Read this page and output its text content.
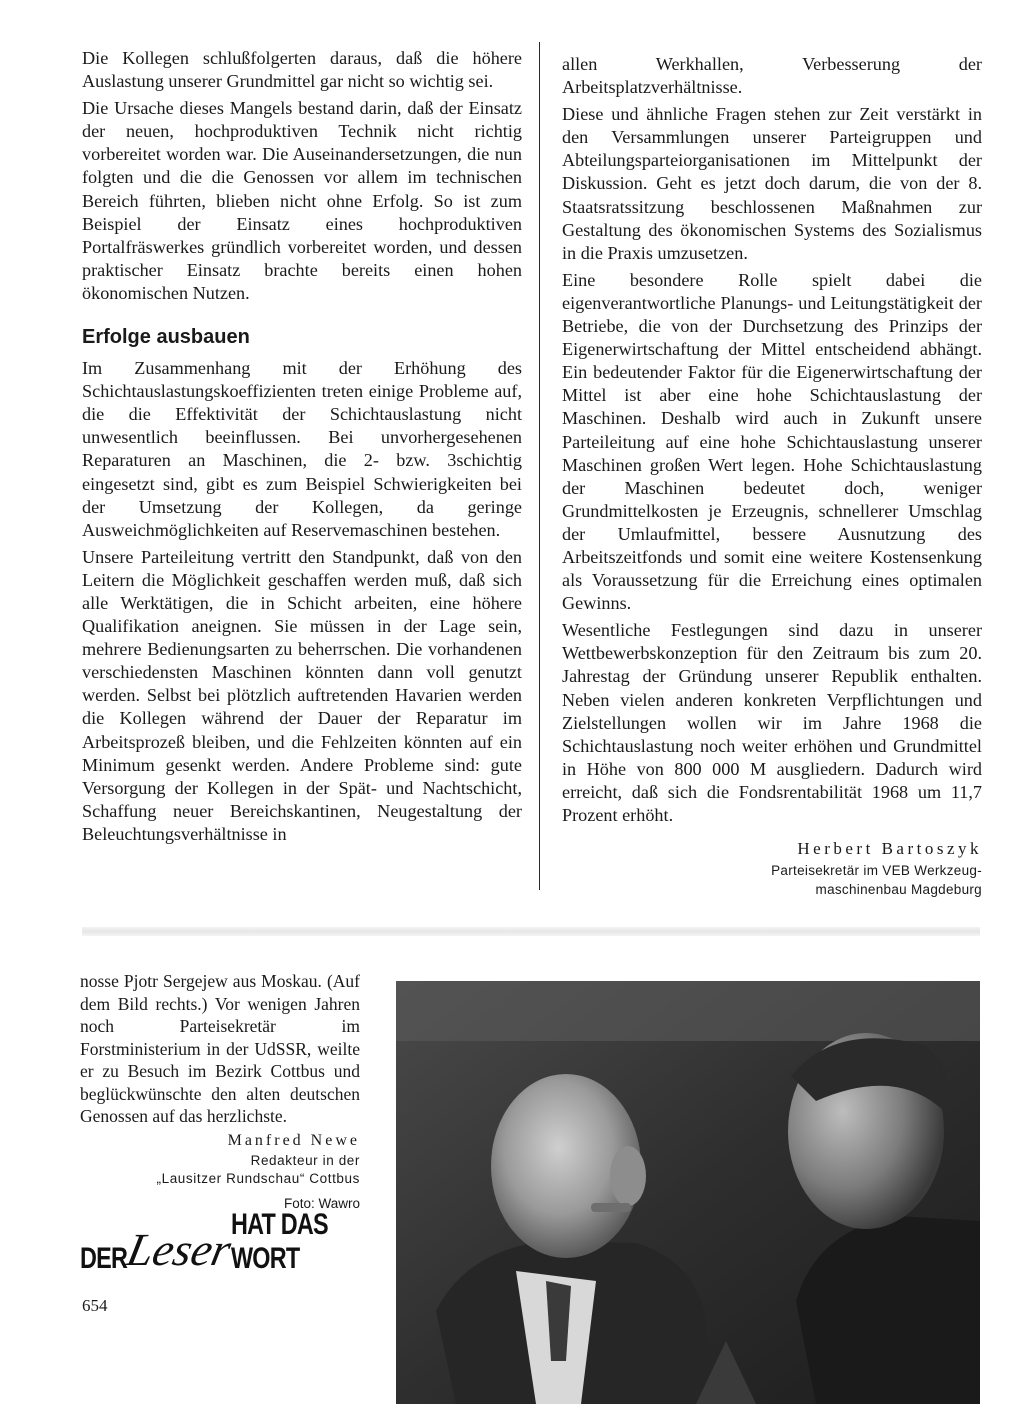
Die Kollegen schlußfolgerten daraus, daß die höhere Auslastung unserer Grundmittel gar nicht so wichtig sei.

Die Ursache dieses Mangels bestand darin, daß der Einsatz der neuen, hochproduktiven Technik nicht richtig vorbereitet worden war. Die Auseinandersetzungen, die nun folgten und die die Genossen vor allem im technischen Bereich führten, blieben nicht ohne Erfolg. So ist zum Beispiel der Einsatz eines hochproduktiven Portalfräswerkes gründlich vorbereitet worden, und dessen praktischer Einsatz brachte bereits einen hohen ökonomischen Nutzen.

Erfolge ausbauen

Im Zusammenhang mit der Erhöhung des Schichtauslastungskoeffizienten treten einige Probleme auf, die die Effektivität der Schichtauslastung nicht unwesentlich beeinflussen. Bei unvorhergesehenen Reparaturen an Maschinen, die 2- bzw. 3schichtig eingesetzt sind, gibt es zum Beispiel Schwierigkeiten bei der Umsetzung der Kollegen, da geringe Ausweichmöglichkeiten auf Reservemaschinen bestehen.

Unsere Parteileitung vertritt den Standpunkt, daß von den Leitern die Möglichkeit geschaffen werden muß, daß sich alle Werktätigen, die in Schicht arbeiten, eine höhere Qualifikation aneignen. Sie müssen in der Lage sein, mehrere Bedienungsarten zu beherrschen. Die vorhandenen verschiedensten Maschinen könnten dann voll genutzt werden. Selbst bei plötzlich auftretenden Havarien werden die Kollegen während der Dauer der Reparatur im Arbeitsprozeß bleiben, und die Fehlzeiten könnten auf ein Minimum gesenkt werden. Andere Probleme sind: gute Versorgung der Kollegen in der Spät- und Nachtschicht, Schaffung neuer Bereichskantinen, Neugestaltung der Beleuchtungsverhältnisse in

allen Werkhallen, Verbesserung der Arbeitsplatzverhältnisse.

Diese und ähnliche Fragen stehen zur Zeit verstärkt in den Versammlungen unserer Parteigruppen und Abteilungsparteiorganisationen im Mittelpunkt der Diskussion. Geht es jetzt doch darum, die von der 8. Staatsratssitzung beschlossenen Maßnahmen zur Gestaltung des ökonomischen Systems des Sozialismus in die Praxis umzusetzen.

Eine besondere Rolle spielt dabei die eigenverantwortliche Planungs- und Leitungstätigkeit der Betriebe, die von der Durchsetzung des Prinzips der Eigenerwirtschaftung der Mittel entscheidend abhängt. Ein bedeutender Faktor für die Eigenerwirtschaftung der Mittel ist aber eine hohe Schichtauslastung der Maschinen. Deshalb wird auch in Zukunft unsere Parteileitung auf eine hohe Schichtauslastung unserer Maschinen großen Wert legen. Hohe Schichtauslastung der Maschinen bedeutet doch, weniger Grundmittelkosten je Erzeugnis, schnellerer Umschlag der Umlaufmittel, bessere Ausnutzung des Arbeitszeitfonds und somit eine weitere Kostensenkung als Voraussetzung für die Erreichung eines optimalen Gewinns.

Wesentliche Festlegungen sind dazu in unserer Wettbewerbskonzeption für den Zeitraum bis zum 20. Jahrestag der Gründung unserer Republik enthalten. Neben vielen anderen konkreten Verpflichtungen und Zielstellungen wollen wir im Jahre 1968 die Schichtauslastung noch weiter erhöhen und Grundmittel in Höhe von 800 000 M ausgliedern. Dadurch wird erreicht, daß sich die Fondsrentabilität 1968 um 11,7 Prozent erhöht.

Herbert Bartoszyk
Parteisekretär im VEB Werkzeug-
maschinenbau Magdeburg

nosse Pjotr Sergejew aus Moskau. (Auf dem Bild rechts.) Vor wenigen Jahren noch Parteisekretär im Forstministerium in der UdSSR, weilte er zu Besuch im Bezirk Cottbus und beglückwünschte den alten deutschen Genossen auf das herzlichste.

Manfred Newe
Redakteur in der
„Lausitzer Rundschau“ Cottbus
Foto: Wawro
DER
Leser
HAT DAS WORT
654
